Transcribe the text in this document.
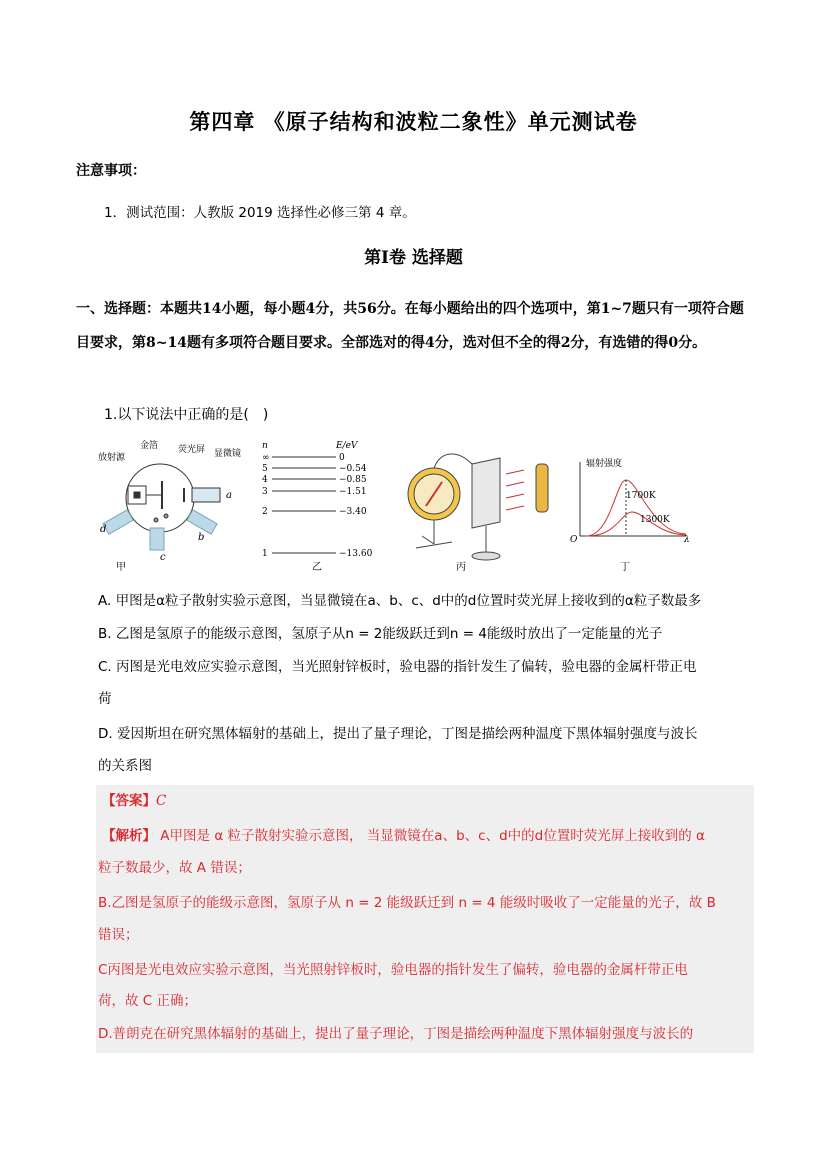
第四章 《原子结构和波粒二象性》单元测试卷
注意事项：
1．测试范围：人教版 2019 选择性必修三第 4 章。
第Ⅰ卷 选择题
一、选择题：本题共14小题，每小题4分，共56分。在每小题给出的四个选项中，第1~7题只有一项符合题目要求，第8~14题有多项符合题目要求。全部选对的得4分，选对但不全的得2分，有选错的得0分。
1.以下说法中正确的是(　)
放射源
金箔 荧光屏 显微镜
a
b
c
d
甲
n	E/eV
∞
5
4
3
2
1
0
−0.54
−0.85
−1.51
−3.40
−13.60
乙	丙
辐射强度
1700K
1300K
O	λ
丁
A. 甲图是α粒子散射实验示意图，当显微镜在a、b、c、d中的d位置时荧光屏上接收到的α粒子数最多
B. 乙图是氢原子的能级示意图，氢原子从n = 2能级跃迁到n = 4能级时放出了一定能量的光子
C. 丙图是光电效应实验示意图，当光照射锌板时，验电器的指针发生了偏转，验电器的金属杆带正电
荷
D. 爱因斯坦在研究黑体辐射的基础上，提出了量子理论，丁图是描绘两种温度下黑体辐射强度与波长
的关系图
【答案】C
【解析】 A甲图是 α 粒子散射实验示意图， 当显微镜在a、b、c、d中的d位置时荧光屏上接收到的 α
粒子数最少，故 A 错误；
B.乙图是氢原子的能级示意图，氢原子从 n = 2 能级跃迁到 n = 4 能级时吸收了一定能量的光子，故 B
错误；
C丙图是光电效应实验示意图，当光照射锌板时，验电器的指针发生了偏转，验电器的金属杆带正电
荷，故 C 正确；
D.普朗克在研究黑体辐射的基础上，提出了量子理论，丁图是描绘两种温度下黑体辐射强度与波长的
